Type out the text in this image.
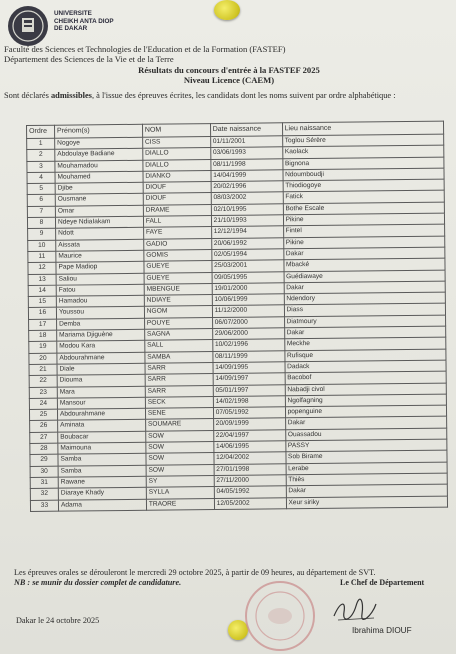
UNIVERSITE
CHEIKH ANTA DIOP
DE DAKAR
Faculté des Sciences et Technologies de l'Education et de la Formation (FASTEF)
Département des Sciences de la Vie et de la Terre
Résultats du concours d'entrée à la FASTEF 2025
Niveau Licence (CAEM)
Sont déclarés admissibles, à l'issue des épreuves écrites, les candidats dont les noms suivent par ordre alphabétique :
Ordre	Prénom(s)	NOM	Date naissance	Lieu naissance
1	Nogoye	CISS	01/11/2001	Toglou Sérère
2	Abdoulaye Badiane	DIALLO	03/06/1993	Kaolack
3	Mouhamadou	DIALLO	08/11/1998	Bignona
4	Mouhamed	DIANKO	14/04/1999	Ndoumboudji
5	Djibe	DIOUF	20/02/1996	Thiodiogoye
6	Ousmane	DIOUF	08/03/2002	Fatick
7	Omar	DRAME	02/10/1995	Bothe Escale
8	Ndeye NdiaIakam	FALL	21/10/1993	Pikine
9	Ndott	FAYE	12/12/1994	Fintel
10	Aissata	GADIO	20/06/1992	Pikine
11	Maurice	GOMIS	02/05/1994	Dakar
12	Pape Madiop	GUEYE	25/03/2001	Mbacké
13	Saliou	GUEYE	09/05/1995	Guédiawaye
14	Fatou	MBENGUE	19/01/2000	Dakar
15	Hamadou	NDIAYE	10/06/1999	Ndendory
16	Youssou	NGOM	11/12/2000	Diass
17	Demba	POUYE	06/07/2000	Diatmoury
18	Mariama Djiguène	SAGNA	29/06/2000	Dakar
19	Modou Kara	SALL	10/02/1996	Meckhe
20	Abdourahmane	SAMBA	08/11/1999	Rufisque
21	Diale	SARR	14/09/1995	Dadack
22	Diouma	SARR	14/09/1997	Bacobof
23	Mara	SARR	05/01/1997	Nabadji civol
24	Mansour	SECK	14/02/1998	Ngolfagning
25	Abdourahmane	SENE	07/05/1992	popenguine
26	Aminata	SOUMARE	20/09/1999	Dakar
27	Boubacar	SOW	22/04/1997	Ouassadou
28	Maimouna	SOW	14/06/1995	PASSY
29	Samba	SOW	12/04/2002	Sob Birame
30	Samba	SOW	27/01/1998	Lerabe
31	Rawane	SY	27/11/2000	Thiès
32	Diaraye Khady	SYLLA	04/05/1992	Dakar
33	Adama	TRAORE	12/05/2002	Xeur siriky
Les épreuves orales se dérouleront le mercredi 29 octobre 2025, à partir de 09 heures, au département de SVT.
NB : se munir du dossier complet de candidature.	Le Chef de Département
Dakar le 24 octobre 2025
Ibrahima DIOUF
